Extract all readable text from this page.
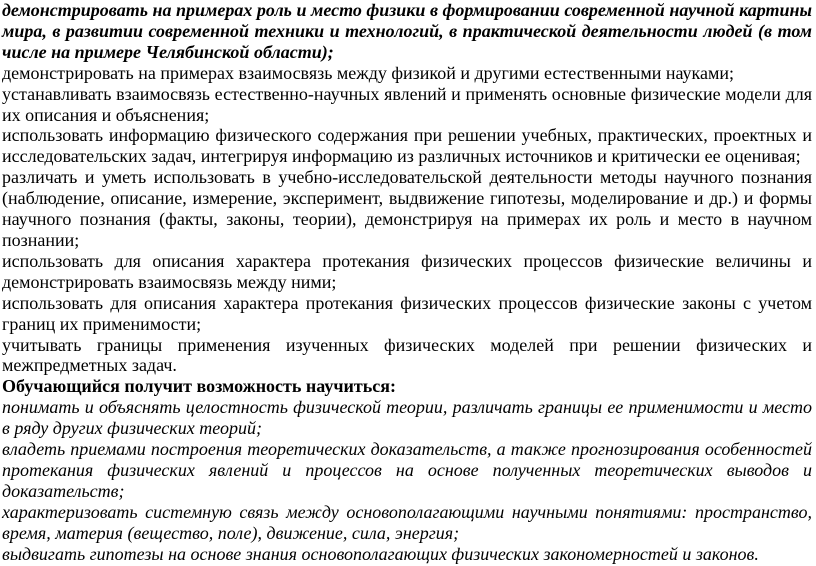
демонстрировать на примерах роль и место физики в формировании современной научной картины мира, в развитии современной техники и технологий, в практической деятельности людей (в том числе на примере Челябинской области);

демонстрировать на примерах взаимосвязь между физикой и другими естественными науками;

устанавливать взаимосвязь естественно-научных явлений и применять основные физические модели для их описания и объяснения;

использовать информацию физического содержания при решении учебных, практических, проектных и исследовательских задач, интегрируя информацию из различных источников и критически ее оценивая;

различать и уметь использовать в учебно-исследовательской деятельности методы научного познания (наблюдение, описание, измерение, эксперимент, выдвижение гипотезы, моделирование и др.) и формы научного познания (факты, законы, теории), демонстрируя на примерах их роль и место в научном познании;

использовать для описания характера протекания физических процессов физические величины и демонстрировать взаимосвязь между ними;

использовать для описания характера протекания физических процессов физические законы с учетом границ их применимости;

учитывать границы применения изученных физических моделей при решении физических и межпредметных задач.

Обучающийся получит возможность научиться:

понимать и объяснять целостность физической теории, различать границы ее применимости и место в ряду других физических теорий;

владеть приемами построения теоретических доказательств, а также прогнозирования особенностей протекания физических явлений и процессов на основе полученных теоретических выводов и доказательств;

характеризовать системную связь между основополагающими научными понятиями: пространство, время, материя (вещество, поле), движение, сила, энергия;

выдвигать гипотезы на основе знания основополагающих физических закономерностей и законов.
